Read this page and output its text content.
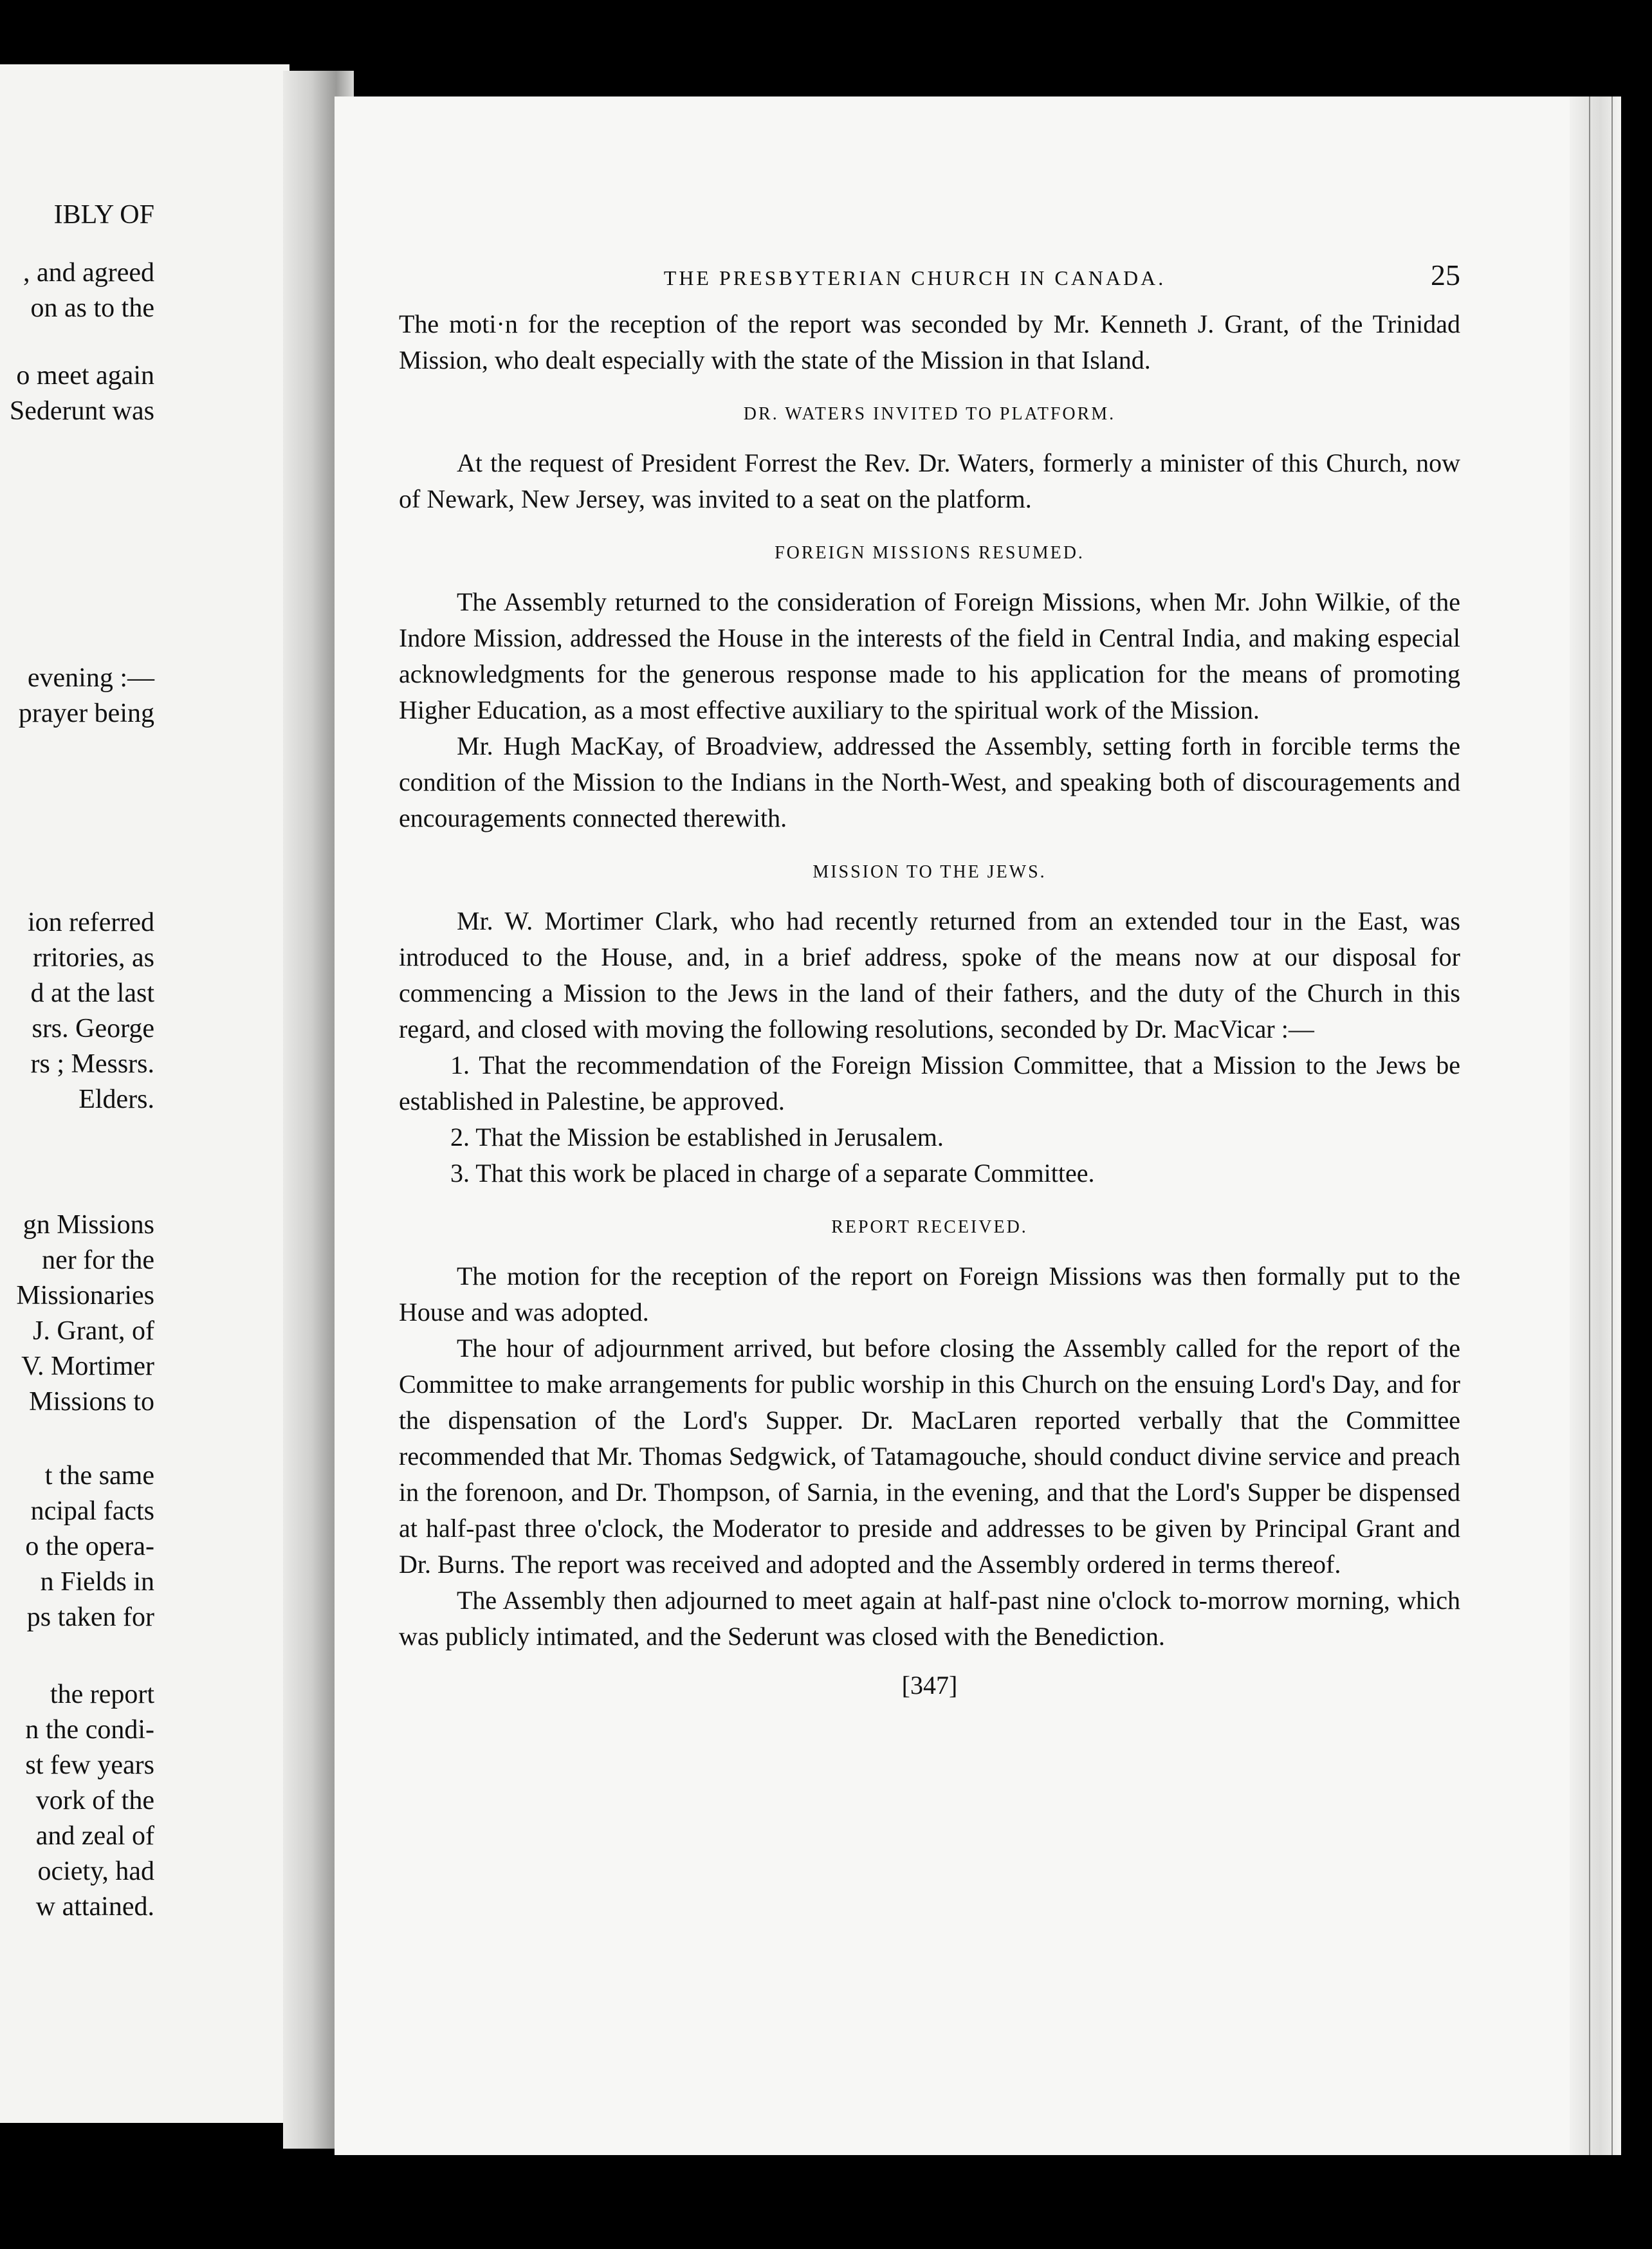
IBLY OF
, and agreed
on as to the
o meet again
Sederunt was
evening :—
prayer being
ion referred
rritories, as
d at the last
srs. George
rs ; Messrs.
Elders.
gn Missions
ner for the
Missionaries
J. Grant, of
V. Mortimer
Missions to
t the same
ncipal facts
o the opera-
n Fields in
ps taken for
the report
n the condi-
st few years
vork of the
and zeal of
ociety, had
w attained.
THE PRESBYTERIAN CHURCH IN CANADA.	25

The moti·n for the reception of the report was seconded by Mr. Kenneth J. Grant, of the Trinidad Mission, who dealt especially with the state of the Mission in that Island.

DR. WATERS INVITED TO PLATFORM.

At the request of President Forrest the Rev. Dr. Waters, formerly a minister of this Church, now of Newark, New Jersey, was invited to a seat on the platform.

FOREIGN MISSIONS RESUMED.

The Assembly returned to the consideration of Foreign Missions, when Mr. John Wilkie, of the Indore Mission, addressed the House in the interests of the field in Central India, and making especial acknowledgments for the generous response made to his application for the means of promoting Higher Education, as a most effective auxiliary to the spiritual work of the Mission.

Mr. Hugh MacKay, of Broadview, addressed the Assembly, setting forth in forcible terms the condition of the Mission to the Indians in the North-West, and speaking both of discouragements and encouragements connected therewith.

MISSION TO THE JEWS.

Mr. W. Mortimer Clark, who had recently returned from an extended tour in the East, was introduced to the House, and, in a brief address, spoke of the means now at our disposal for commencing a Mission to the Jews in the land of their fathers, and the duty of the Church in this regard, and closed with moving the following resolutions, seconded by Dr. MacVicar :—

1. That the recommendation of the Foreign Mission Committee, that a Mission to the Jews be established in Palestine, be approved.

2. That the Mission be established in Jerusalem.

3. That this work be placed in charge of a separate Committee.

REPORT RECEIVED.

The motion for the reception of the report on Foreign Missions was then formally put to the House and was adopted.

The hour of adjournment arrived, but before closing the Assembly called for the report of the Committee to make arrangements for public worship in this Church on the ensuing Lord's Day, and for the dispensation of the Lord's Supper. Dr. MacLaren reported verbally that the Committee recommended that Mr. Thomas Sedgwick, of Tatamagouche, should conduct divine service and preach in the forenoon, and Dr. Thompson, of Sarnia, in the evening, and that the Lord's Supper be dispensed at half-past three o'clock, the Moderator to preside and addresses to be given by Principal Grant and Dr. Burns. The report was received and adopted and the Assembly ordered in terms thereof.

The Assembly then adjourned to meet again at half-past nine o'clock to-morrow morning, which was publicly intimated, and the Sederunt was closed with the Benediction.

[347]
